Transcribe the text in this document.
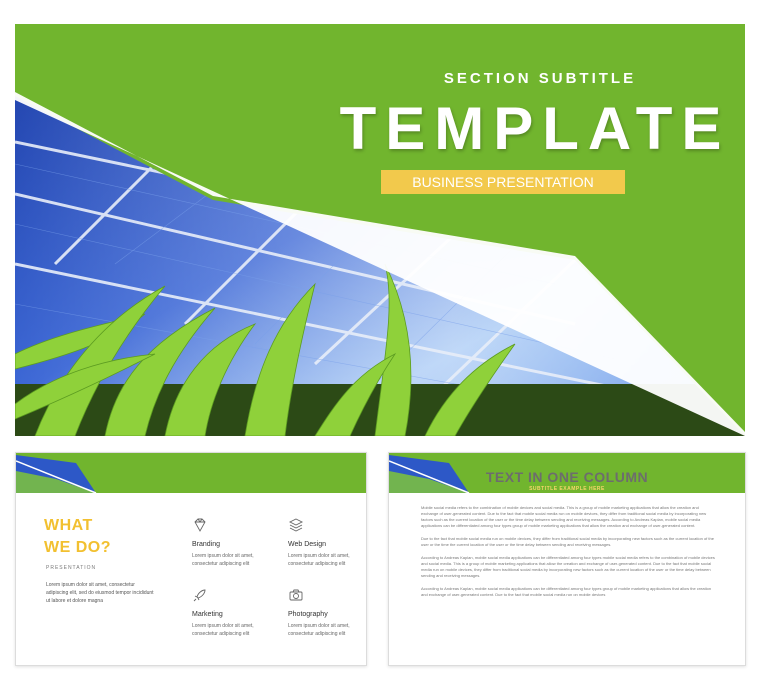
SECTION SUBTITLE
TEMPLATE
BUSINESS PRESENTATION
WHAT
WE DO?
PRESENTATION
Lorem ipsum dolor sit amet, consectetur adipiscing elit, sed do eiusmod tempor incididunt ut labore et dolore magna
Branding
Lorem ipsum dolor sit amet, consectetur adipiscing elit
Web Design
Lorem ipsum dolor sit amet, consectetur adipiscing elit
Marketing
Lorem ipsum dolor sit amet, consectetur adipiscing elit
Photography
Lorem ipsum dolor sit amet, consectetur adipiscing elit
TEXT IN ONE COLUMN
SUBTITLE EXAMPLE HERE

Mobile social media refers to the combination of mobile devices and social media. This is a group of mobile marketing applications that allow the creation and exchange of user-generated content. Due to the fact that mobile social media run on mobile devices, they differ from traditional social media by incorporating new factors such as the current location of the user or the time delay between sending and receiving messages. According to Andreas Kaplan, mobile social media applications can be differentiated among four types group of mobile marketing applications that allow the creation and exchange of user-generated content.

Due to the fact that mobile social media run on mobile devices, they differ from traditional social media by incorporating new factors such as the current location of the user or the time the current location of the user or the time delay between sending and receiving messages.

According to Andreas Kaplan, mobile social media applications can be differentiated among four types mobile social media refers to the combination of mobile devices and social media. This is a group of mobile marketing applications that allow the creation and exchange of user-generated content. Due to the fact that mobile social media run on mobile devices, they differ from traditional social media by incorporating new factors such as the current location of the user or the time delay between sending and receiving messages.

According to Andreas Kaplan, mobile social media applications can be differentiated among four types group of mobile marketing applications that allow the creation and exchange of user-generated content. Due to the fact that mobile social media run on mobile devices
